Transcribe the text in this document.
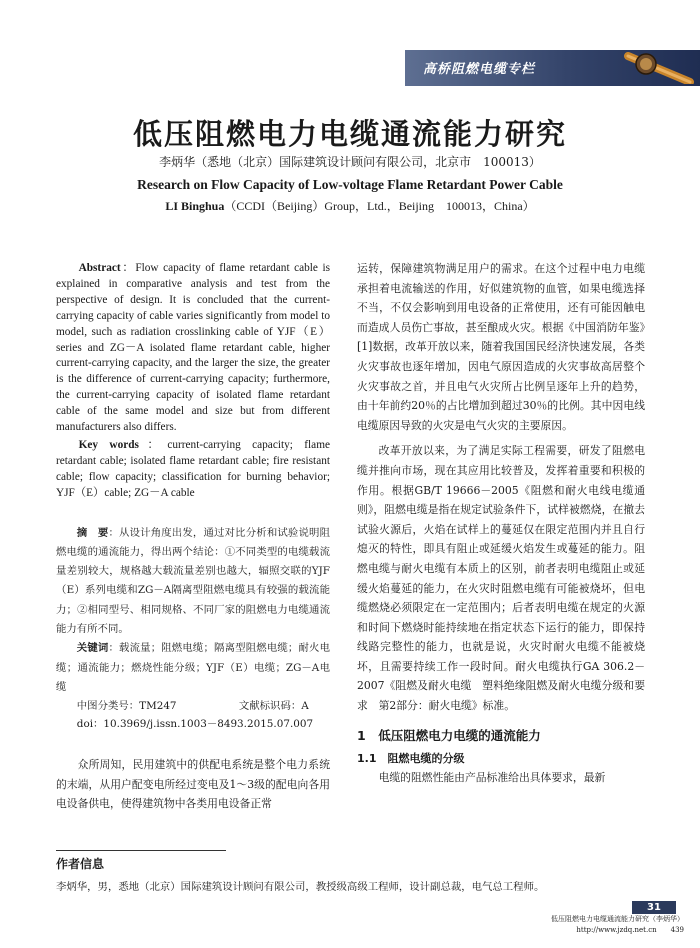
高桥阻燃电缆专栏
低压阻燃电力电缆通流能力研究
李炳华（悉地（北京）国际建筑设计顾问有限公司，北京市　100013）
Research on Flow Capacity of Low-voltage Flame Retardant Power Cable
LI Binghua（CCDI（Beijing）Group，Ltd.，Beijing　100013，China）

Abstract：Flow capacity of flame retardant cable is explained in comparative analysis and test from the perspective of design. It is concluded that the current-carrying capacity of cable varies significantly from model to model, such as radiation crosslinking cable of YJF（E）series and ZG－A isolated flame retardant cable, higher current-carrying capacity, and the larger the size, the greater is the difference of current-carrying capacity; furthermore, the current-carrying capacity of isolated flame retardant cable of the same model and size but from different manufacturers also differs.

Key words：current-carrying capacity; flame retardant cable; isolated flame retardant cable; fire resistant cable; flow capacity; classification for burning behavior; YJF（E）cable; ZG－A cable

摘　要：从设计角度出发，通过对比分析和试验说明阻燃电缆的通流能力，得出两个结论：①不同类型的电缆载流量差别较大，规格越大载流量差别也越大，辐照交联的YJF（E）系列电缆和ZG－A隔离型阻燃电缆具有较强的载流能力；②相同型号、相同规格、不同厂家的阻燃电力电缆通流能力有所不同。

关键词：载流量；阻燃电缆；隔离型阻燃电缆；耐火电缆；通流能力；燃烧性能分级；YJF（E）电缆；ZG－A电缆

中图分类号：TM247　　　　　　文献标识码：A

doi：10.3969/j.issn.1003－8493.2015.07.007

众所周知，民用建筑中的供配电系统是整个电力系统的末端，从用户配变电所经过变电及1～3级的配电向各用电设备供电，使得建筑物中各类用电设备正常

运转，保障建筑物满足用户的需求。在这个过程中电力电缆承担着电流输送的作用，好似建筑物的血管，如果电缆选择不当，不仅会影响到用电设备的正常使用，还有可能因触电而造成人员伤亡事故，甚至酿成火灾。根据《中国消防年鉴》[1]数据，改革开放以来，随着我国国民经济快速发展，各类火灾事故也逐年增加，因电气原因造成的火灾事故高居整个火灾事故之首，并且电气火灾所占比例呈逐年上升的趋势，由十年前约20％的占比增加到超过30％的比例。其中因电线电缆原因导致的火灾是电气火灾的主要原因。

改革开放以来，为了满足实际工程需要，研发了阻燃电缆并推向市场，现在其应用比较普及，发挥着重要和积极的作用。根据GB/T 19666－2005《阻燃和耐火电线电缆通则》，阻燃电缆是指在规定试验条件下，试样被燃烧，在撤去试验火源后，火焰在试样上的蔓延仅在限定范围内并且自行熄灭的特性，即具有阻止或延缓火焰发生或蔓延的能力。阻燃电缆与耐火电缆有本质上的区别，前者表明电缆阻止或延缓火焰蔓延的能力，在火灾时阻燃电缆有可能被烧坏，但电缆燃烧必须限定在一定范围内；后者表明电缆在规定的火源和时间下燃烧时能持续地在指定状态下运行的能力，即保持线路完整性的能力，也就是说，火灾时耐火电缆不能被烧坏，且需要持续工作一段时间。耐火电缆执行GA 306.2－2007《阻燃及耐火电缆　塑料绝缘阻燃及耐火电缆分级和要求　第2部分：耐火电缆》标准。

1　低压阻燃电力电缆的通流能力

1.1　阻燃电缆的分级

电缆的阻燃性能由产品标准给出具体要求，最新

作者信息
李炳华，男，悉地（北京）国际建筑设计顾问有限公司，教授级高级工程师，设计副总裁，电气总工程师。
31
低压阻燃电力电缆通流能力研究（李炳华）
http://www.jzdq.net.cn　　439
